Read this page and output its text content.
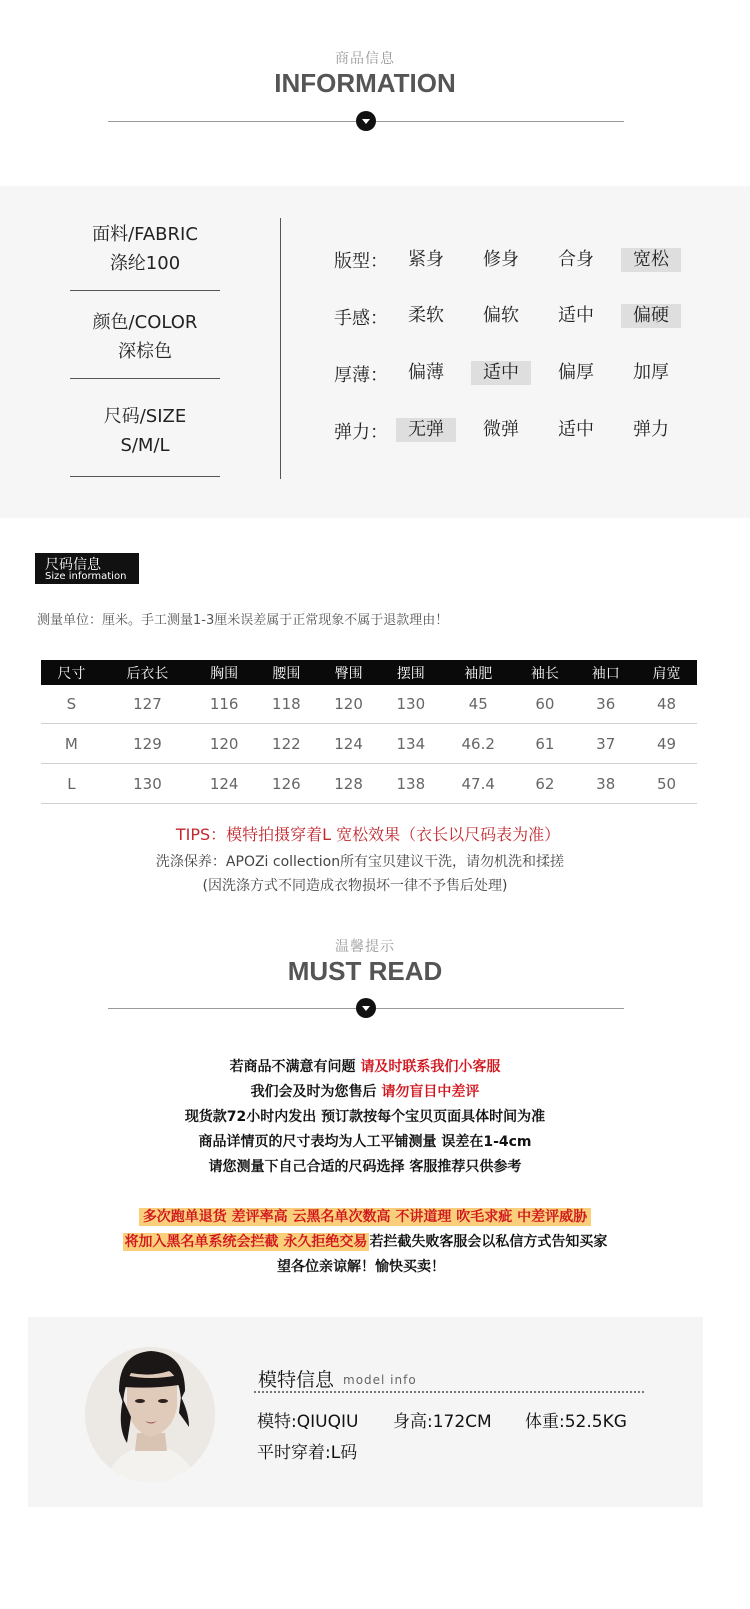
商品信息
INFORMATION
面料/FABRIC
涤纶100
颜色/COLOR
深棕色
尺码/SIZE
S/M/L
版型：	紧身	修身	合身	宽松
手感：	柔软	偏软	适中	偏硬
厚薄：	偏薄	适中	偏厚	加厚
弹力：	无弹	微弹	适中	弹力
尺码信息
Size information
测量单位：厘米。手工测量1-3厘米误差属于正常现象不属于退款理由！
尺寸	后衣长	胸围	腰围	臀围	摆围	袖肥	袖长	袖口	肩宽
S	127	116	118	120	130	45	60	36	48
M	129	120	122	124	134	46.2	61	37	49
L	130	124	126	128	138	47.4	62	38	50
TIPS：模特拍摄穿着L 宽松效果（衣长以尺码表为准）
洗涤保养：APOZi collection所有宝贝建议干洗，请勿机洗和揉搓
(因洗涤方式不同造成衣物损坏一律不予售后处理)
温馨提示
MUST READ
若商品不满意有问题 请及时联系我们小客服
我们会及时为您售后 请勿盲目中差评
现货款72小时内发出 预订款按每个宝贝页面具体时间为准
商品详情页的尺寸表均为人工平铺测量 误差在1-4cm
请您测量下自己合适的尺码选择 客服推荐只供参考
多次跑单退货 差评率高 云黑名单次数高 不讲道理 吹毛求疵 中差评威胁
将加入黑名单系统会拦截 永久拒绝交易 若拦截失败客服会以私信方式告知买家
望各位亲谅解！愉快买卖！
模特信息 model info
模特:QIUQIU 身高:172CM 体重:52.5KG
平时穿着:L码
